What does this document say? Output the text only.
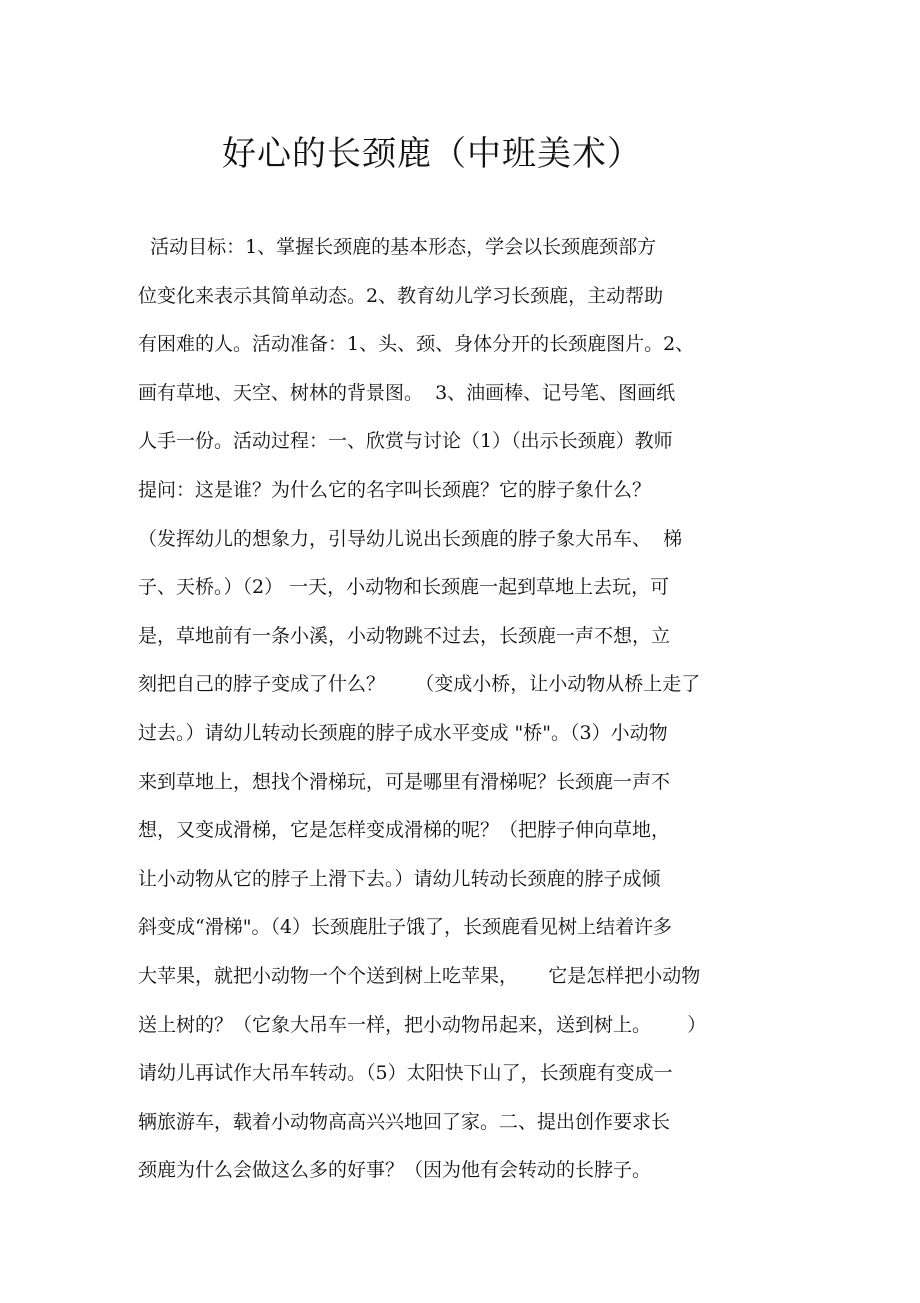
好心的长颈鹿（中班美术）
活动目标：1、掌握长颈鹿的基本形态，学会以长颈鹿颈部方
位变化来表示其简单动态。2、教育幼儿学习长颈鹿，主动帮助
有困难的人。活动准备：1、头、颈、身体分开的长颈鹿图片。2、
画有草地、天空、树林的背景图。  3、油画棒、记号笔、图画纸
人手一份。活动过程：一、欣赏与讨论（1）（出示长颈鹿）教师
提问：这是谁？为什么它的名字叫长颈鹿？它的脖子象什么？
（发挥幼儿的想象力，引导幼儿说出长颈鹿的脖子象大吊车、  梯
子、天桥。）（2） 一天，小动物和长颈鹿一起到草地上去玩，可
是，草地前有一条小溪，小动物跳不过去，长颈鹿一声不想，立
刻把自己的脖子变成了什么？     （变成小桥，让小动物从桥上走了
过去。）请幼儿转动长颈鹿的脖子成水平变成 "桥"。（3）小动物
来到草地上，想找个滑梯玩，可是哪里有滑梯呢？长颈鹿一声不
想，又变成滑梯，它是怎样变成滑梯的呢？（把脖子伸向草地，
让小动物从它的脖子上滑下去。）请幼儿转动长颈鹿的脖子成倾
斜变成“滑梯"。（4）长颈鹿肚子饿了，长颈鹿看见树上结着许多
大苹果，就把小动物一个个送到树上吃苹果，     它是怎样把小动物
送上树的？（它象大吊车一样，把小动物吊起来，送到树上。      ）
请幼儿再试作大吊车转动。（5）太阳快下山了，长颈鹿有变成一
辆旅游车，载着小动物高高兴兴地回了家。二、提出创作要求长
颈鹿为什么会做这么多的好事？（因为他有会转动的长脖子。
